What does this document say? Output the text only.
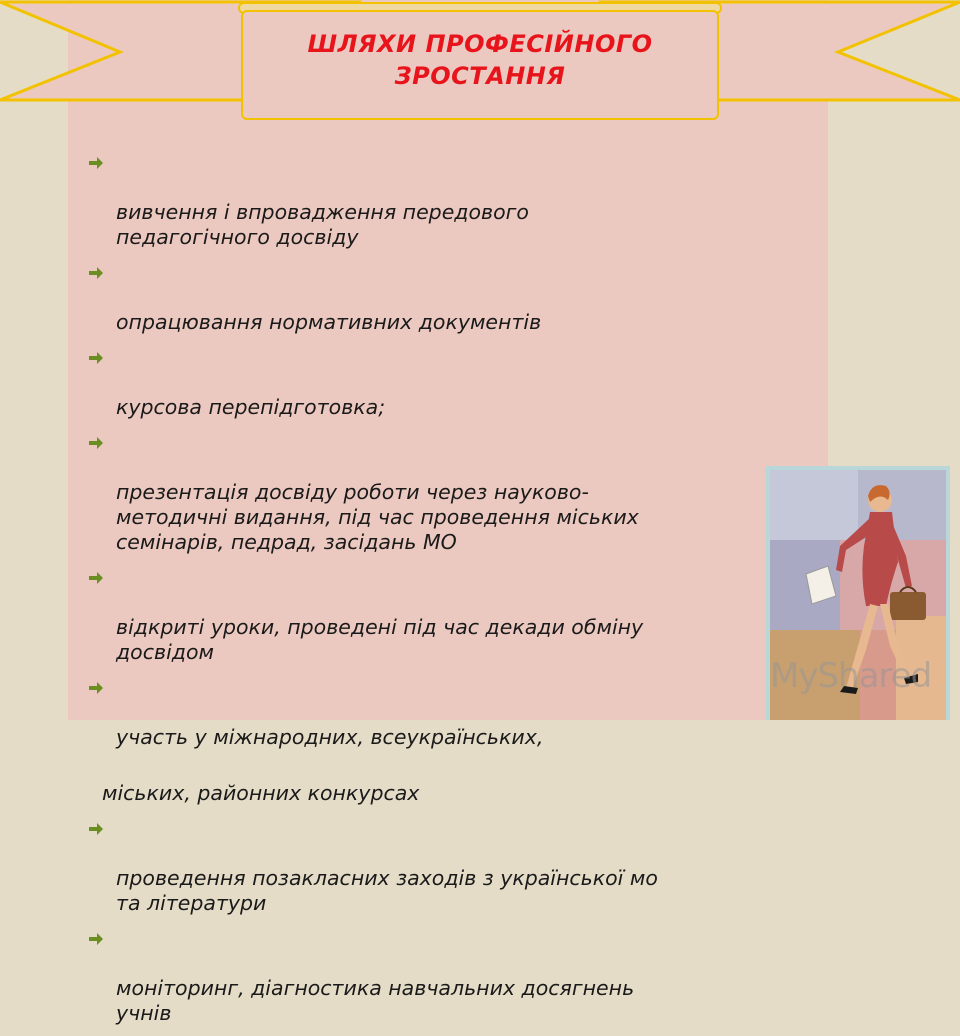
ШЛЯХИ ПРОФЕСІЙНОГО
ЗРОСТАННЯ

вивчення і впровадження передового
педагогічного досвіду

опрацювання нормативних документів

курсова перепідготовка;

презентація досвіду роботи через науково-
методичні видання, під час проведення міських
семінарів, педрад, засідань МО

відкриті уроки, проведені під час декади обміну
досвідом

участь у міжнародних, всеукраїнських,

міських, районних конкурсах

проведення позакласних заходів з української мо
та літератури

моніторинг, діагностика навчальних досягнень
учнів

MyShared
